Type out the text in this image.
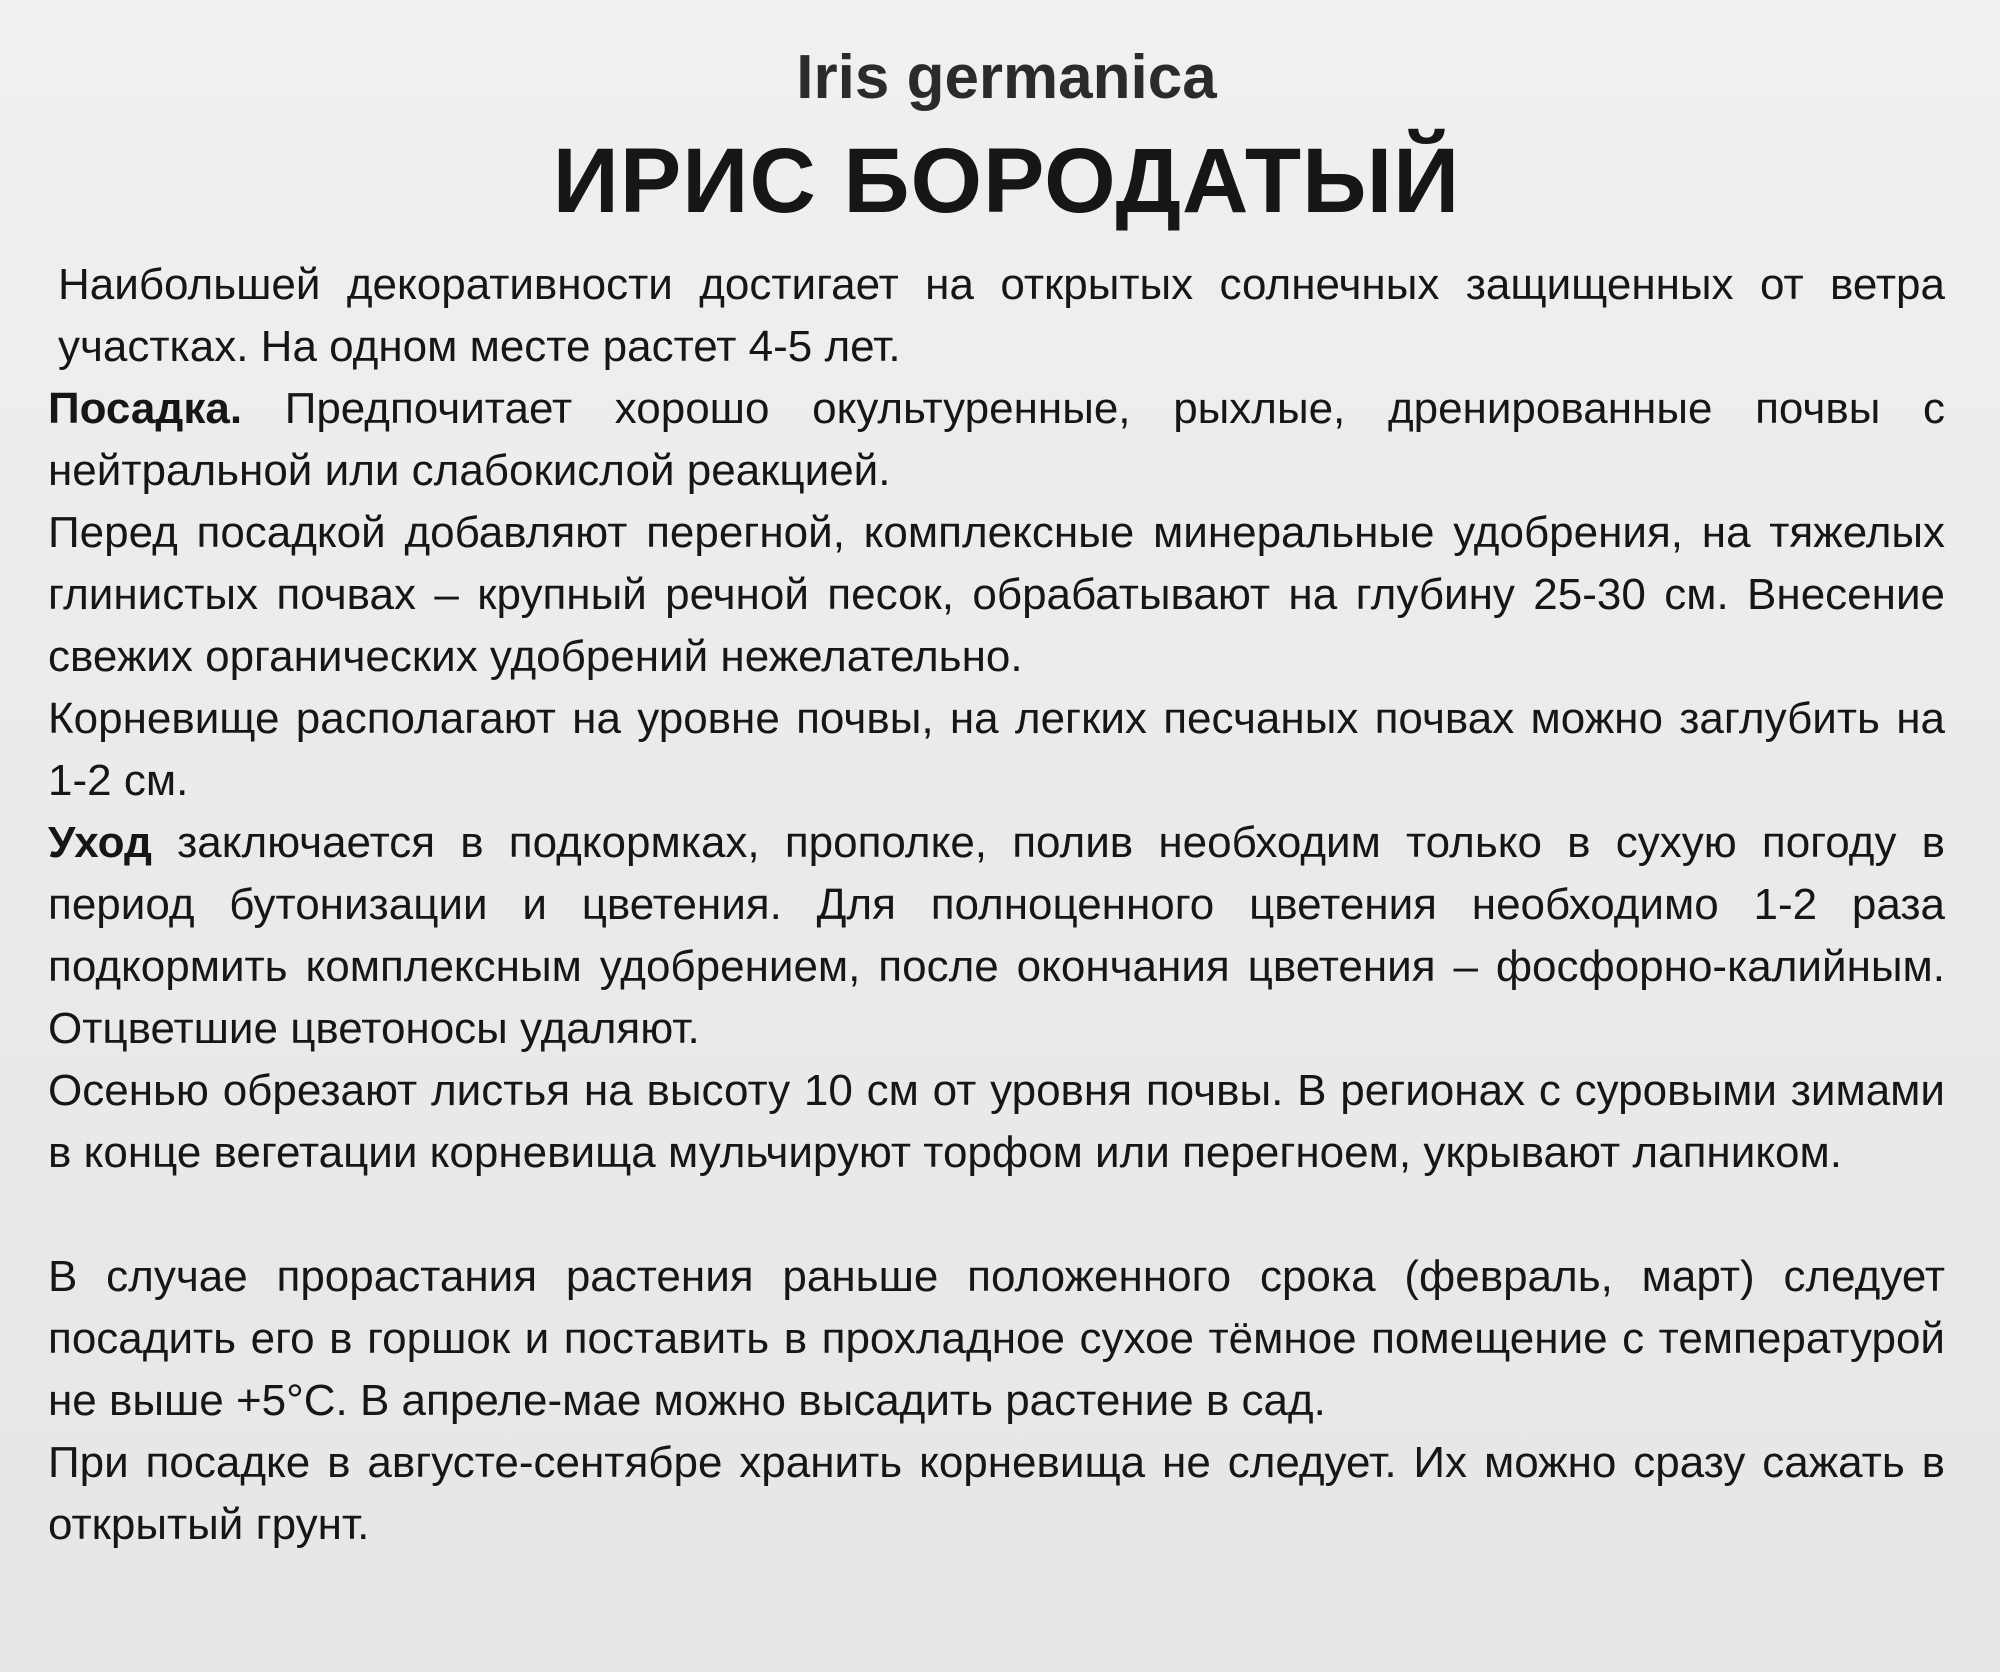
Iris germanica
ИРИС БОРОДАТЫЙ

Наибольшей декоративности достигает на открытых солнечных защищенных от ветра участках. На одном месте растет 4-5 лет.

Посадка. Предпочитает хорошо окультуренные, рыхлые, дренированные почвы с нейтральной или слабокислой реакцией.

Перед посадкой добавляют перегной, комплексные минеральные удобрения, на тяжелых глинистых почвах – крупный речной песок, обрабатывают на глубину 25-30 см. Внесение свежих органических удобрений нежелательно.

Корневище располагают на уровне почвы, на легких песчаных почвах можно заглубить на 1-2 см.

Уход заключается в подкормках, прополке, полив необходим только в сухую погоду в период бутонизации и цветения. Для полноценного цветения необходимо 1-2 раза подкормить комплексным удобрением, после окончания цветения – фосфорно-калийным. Отцветшие цветоносы удаляют.

Осенью обрезают листья на высоту 10 см от уровня почвы. В регионах с суровыми зимами в конце вегетации корневища мульчируют торфом или перегноем, укрывают лапником.

В случае прорастания растения раньше положенного срока (февраль, март) следует посадить его в горшок и поставить в прохладное сухое тёмное помещение с температурой не выше +5°С. В апреле-мае можно высадить растение в сад.

При посадке в августе-сентябре хранить корневища не следует. Их можно сразу сажать в открытый грунт.
